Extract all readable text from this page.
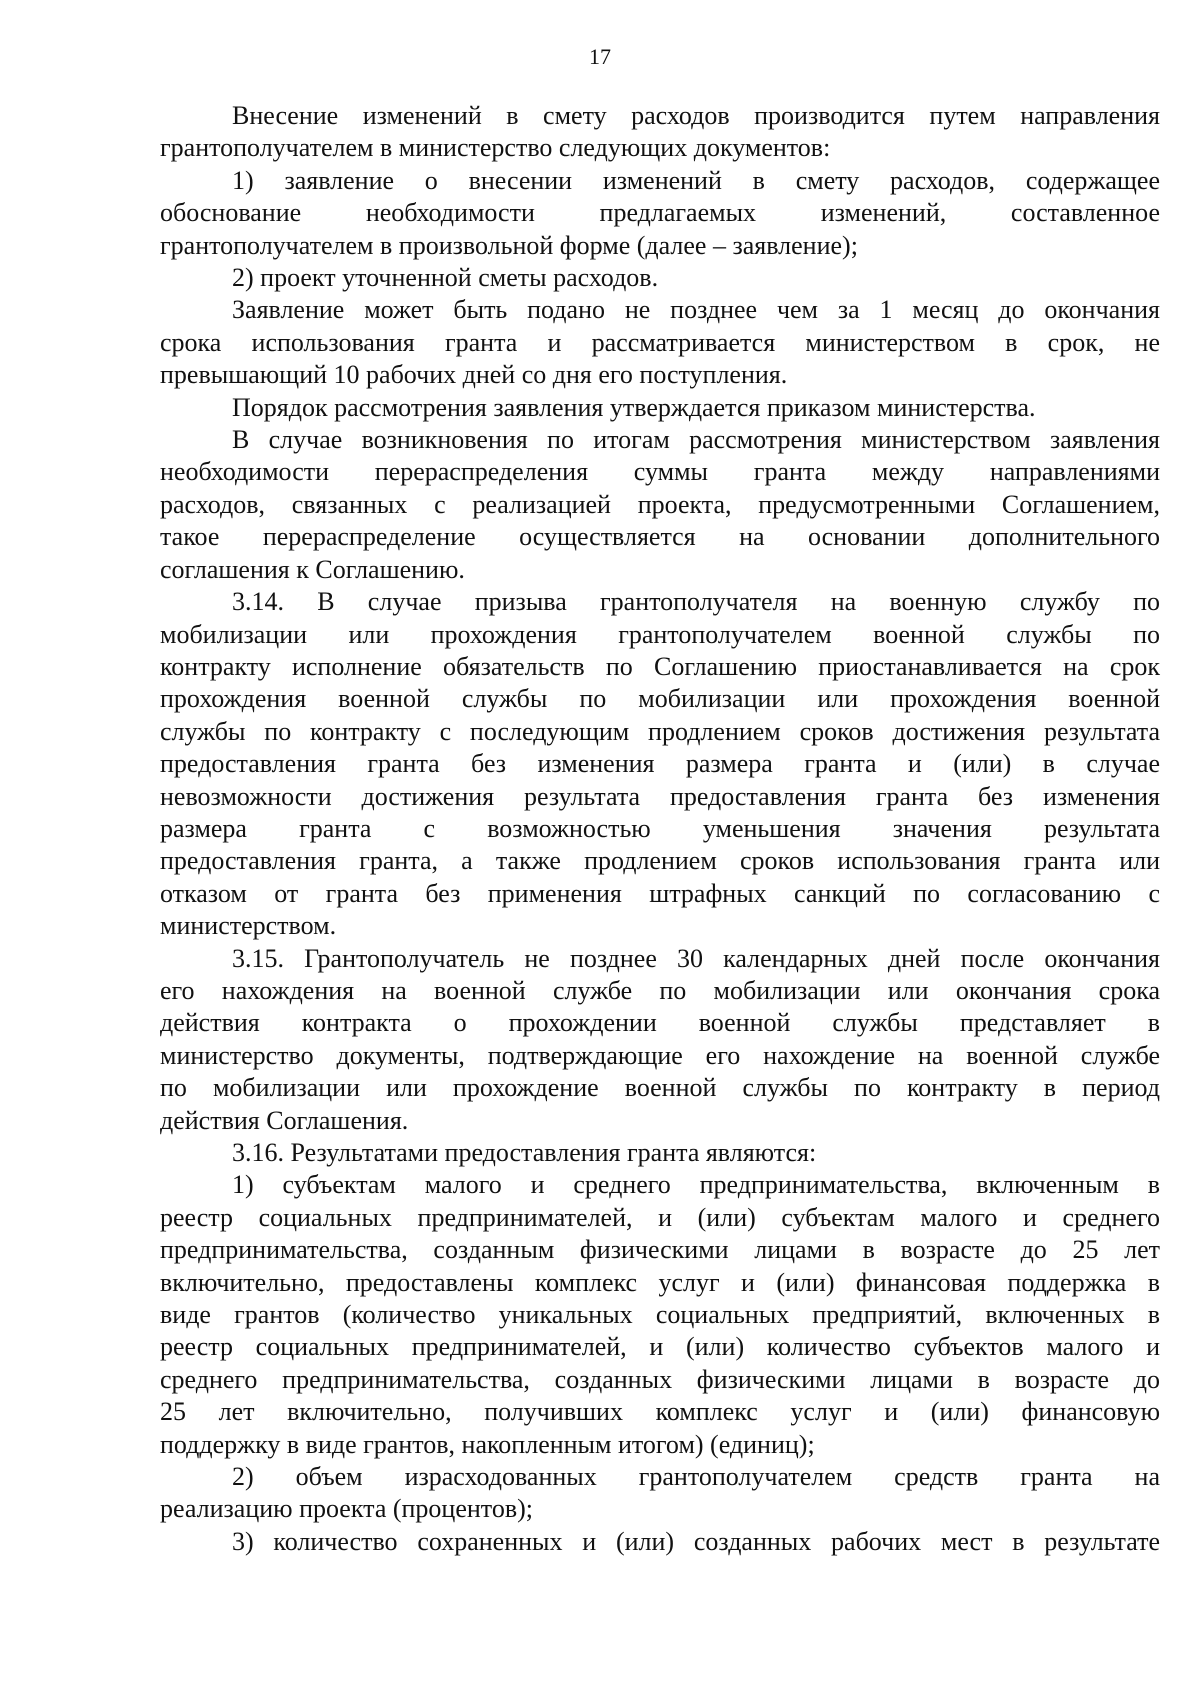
17
Внесение изменений в смету расходов производится путем направления
грантополучателем в министерство следующих документов:
1) заявление о внесении изменений в смету расходов, содержащее
обоснование необходимости предлагаемых изменений, составленное
грантополучателем в произвольной форме (далее – заявление);
2) проект уточненной сметы расходов.
Заявление может быть подано не позднее чем за 1 месяц до окончания
срока использования гранта и рассматривается министерством в срок, не
превышающий 10 рабочих дней со дня его поступления.
Порядок рассмотрения заявления утверждается приказом министерства.
В случае возникновения по итогам рассмотрения министерством заявления
необходимости перераспределения суммы гранта между направлениями
расходов, связанных с реализацией проекта, предусмотренными Соглашением,
такое перераспределение осуществляется на основании дополнительного
соглашения к Соглашению.
3.14. В случае призыва грантополучателя на военную службу по
мобилизации или прохождения грантополучателем военной службы по
контракту исполнение обязательств по Соглашению приостанавливается на срок
прохождения военной службы по мобилизации или прохождения военной
службы по контракту с последующим продлением сроков достижения результата
предоставления гранта без изменения размера гранта и (или) в случае
невозможности достижения результата предоставления гранта без изменения
размера гранта с возможностью уменьшения значения результата
предоставления гранта, а также продлением сроков использования гранта или
отказом от гранта без применения штрафных санкций по согласованию с
министерством.
3.15. Грантополучатель не позднее 30 календарных дней после окончания
его нахождения на военной службе по мобилизации или окончания срока
действия контракта о прохождении военной службы представляет в
министерство документы, подтверждающие его нахождение на военной службе
по мобилизации или прохождение военной службы по контракту в период
действия Соглашения.
3.16. Результатами предоставления гранта являются:
1) субъектам малого и среднего предпринимательства, включенным в
реестр социальных предпринимателей, и (или) субъектам малого и среднего
предпринимательства, созданным физическими лицами в возрасте до 25 лет
включительно, предоставлены комплекс услуг и (или) финансовая поддержка в
виде грантов (количество уникальных социальных предприятий, включенных в
реестр социальных предпринимателей, и (или) количество субъектов малого и
среднего предпринимательства, созданных физическими лицами в возрасте до
25 лет включительно, получивших комплекс услуг и (или) финансовую
поддержку в виде грантов, накопленным итогом) (единиц);
2) объем израсходованных грантополучателем средств гранта на
реализацию проекта (процентов);
3) количество сохраненных и (или) созданных рабочих мест в результате
